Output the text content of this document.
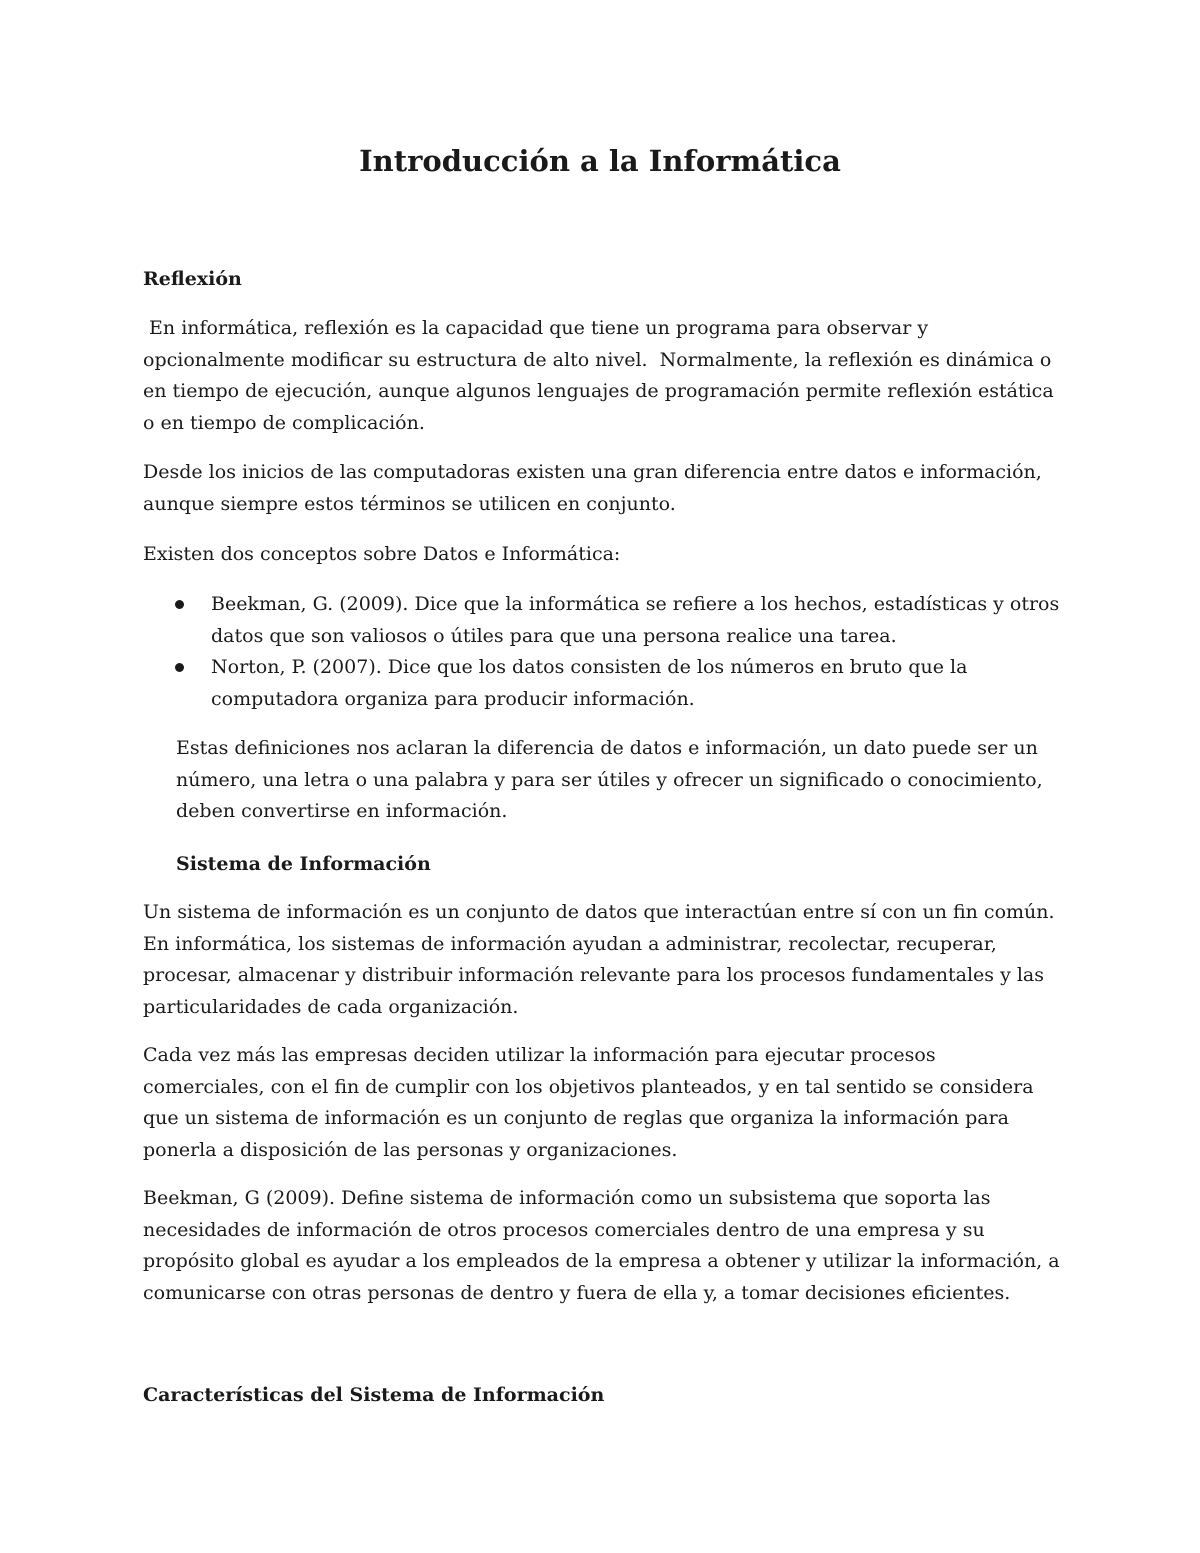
Introducción a la Informática
Reflexión
En informática, reflexión es la capacidad que tiene un programa para observar y opcionalmente modificar su estructura de alto nivel.  Normalmente, la reflexión es dinámica o en tiempo de ejecución, aunque algunos lenguajes de programación permite reflexión estática o en tiempo de complicación.
Desde los inicios de las computadoras existen una gran diferencia entre datos e información, aunque siempre estos términos se utilicen en conjunto.
Existen dos conceptos sobre Datos e Informática:
Beekman, G. (2009). Dice que la informática se refiere a los hechos, estadísticas y otros datos que son valiosos o útiles para que una persona realice una tarea.
Norton, P. (2007). Dice que los datos consisten de los números en bruto que la computadora organiza para producir información.
Estas definiciones nos aclaran la diferencia de datos e información, un dato puede ser un número, una letra o una palabra y para ser útiles y ofrecer un significado o conocimiento, deben convertirse en información.
Sistema de Información
Un sistema de información es un conjunto de datos que interactúan entre sí con un fin común. En informática, los sistemas de información ayudan a administrar, recolectar, recuperar, procesar, almacenar y distribuir información relevante para los procesos fundamentales y las particularidades de cada organización.
Cada vez más las empresas deciden utilizar la información para ejecutar procesos comerciales, con el fin de cumplir con los objetivos planteados, y en tal sentido se considera que un sistema de información es un conjunto de reglas que organiza la información para ponerla a disposición de las personas y organizaciones.
Beekman, G (2009). Define sistema de información como un subsistema que soporta las necesidades de información de otros procesos comerciales dentro de una empresa y su propósito global es ayudar a los empleados de la empresa a obtener y utilizar la información, a comunicarse con otras personas de dentro y fuera de ella y, a tomar decisiones eficientes.
Características del Sistema de Información
